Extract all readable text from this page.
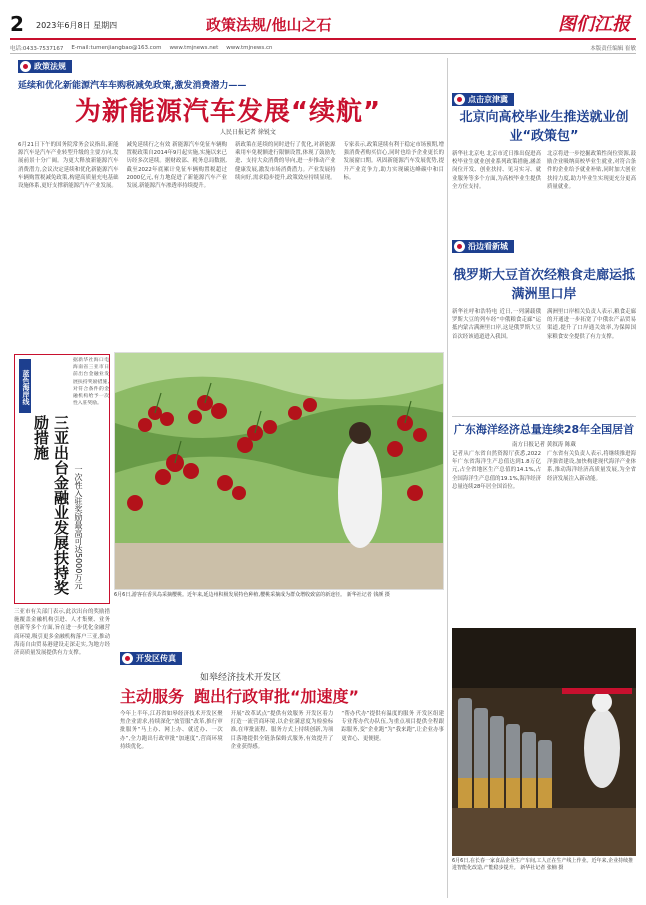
2 2023年6月8日 星期四	政策法规/他山之石	图们江报
电话:0433-7537167 E-mail:tumenjiangbao@163.com www.tmjnews.net www.tmjnews.cn	本版责任编辑 崔敏
政策法规
延续和优化新能源汽车车购税减免政策,激发消费潜力——
为新能源汽车发展“续航”
人民日报记者 徐锐文
6月21日下午的国务院常务会议指出,新能源汽车是汽车产业转型升级的主要方向,发展前景十分广阔。为更大释放新能源汽车消费潜力,会议决定延续和优化新能源汽车车辆购置税减免政策,构建高质量充电基础设施体系,更好支撑新能源汽车产业发展。
减免延续行之有效 新能源汽车免征车辆购置税政策自2014年9月起实施,实施以来已历经多次延续。据财政部、税务总局数据,截至2022年底累计免征车辆购置税超过2000亿元,有力地促进了新能源汽车产业发展,新能源汽车渗透率持续提升。
新政策在延续的同时进行了优化,对新能源乘用车免税额进行限额设置,体现了鼓励先进、支持大众消费的导向,进一步推动产业健康发展,激发市场消费潜力。产业发展持续向好,需求稳步提升,政策效应持续显现。
专家表示,政策延续有利于稳定市场预期,增强消费者购买信心,同时也给予企业更长的发展窗口期。巩固新能源汽车发展优势,提升产业竞争力,助力实现碳达峰碳中和目标。
蓝色海岸线
三亚出台金融业发展扶持奖励措施
一次性入驻奖励最高可达5000万元
据新华社海口电 海南省三亚市日前出台金融业发展扶持奖励措施,对符合条件的金融机构给予一次性入驻奖励。
三亚市有关部门表示,此次出台的奖励措施覆盖金融机构引进、人才集聚、业务创新等多个方面,旨在进一步优化金融营商环境,吸引更多金融机构落户三亚,推动海南自由贸易港建设走深走实,为地方经济高质量发展提供有力支撑。
6月6日,游客在香贝岛采摘樱桃。近年来,延边州积极发展特色种植,樱桃采摘成为群众增收致富的新途径。 新华社记者 钱颜 摄
开发区传真
如皋经济技术开发区
主动服务 跑出行政审批“加速度”
今年上半年,江苏省如皋经济技术开发区聚焦企业需求,持续深化“放管服”改革,推行审批服务“马上办、网上办、就近办、一次办”,全力跑出行政审批“加速度”,营商环境持续优化。
开展“改革试点”提供有效服务 开发区着力打造一流营商环境,以企业满意度为检验标准,在审批流程、服务方式上持续创新,为项目落地提供全链条保姆式服务,有效提升了企业获得感。
“帮办代办”提供有温度的服务 开发区组建专业帮办代办队伍,为重点项目提供全程跟踪服务,变“企业跑”为“我来跑”,让企业办事更省心、更便捷。
点击京津冀
北京向高校毕业生推送就业创业“政策包”
新华社北京电 北京市近日推出促进高校毕业生就业创业系列政策措施,涵盖岗位开发、创业扶持、见习实习、就业服务等多个方面,为高校毕业生提供全方位支持。
北京将进一步挖掘政策性岗位资源,鼓励企业吸纳高校毕业生就业,对符合条件的企业给予就业补贴,同时加大创业扶持力度,助力毕业生实现更充分更高质量就业。
沿边看新城
俄罗斯大豆首次经粮食走廊运抵满洲里口岸
新华社呼和浩特电 近日,一列满载俄罗斯大豆的列车经“中俄粮食走廊”运抵内蒙古满洲里口岸,这是俄罗斯大豆首次经该通道进入我国。
满洲里口岸相关负责人表示,粮食走廊的开通进一步拓宽了中俄农产品贸易渠道,提升了口岸通关效率,为保障国家粮食安全提供了有力支撑。
广东海洋经济总量连续28年全国居首
南方日报记者 黄叙涛 陈葳
记者从广东省自然资源厅获悉,2022年广东省海洋生产总值达到1.8万亿元,占全省地区生产总值的14.1%,占全国海洋生产总值的19.1%,海洋经济总量连续28年居全国首位。
广东省有关负责人表示,将继续推进海洋强省建设,加快构建现代海洋产业体系,推动海洋经济高质量发展,为全省经济发展注入新动能。
6月6日,在长春一家食品企业生产车间,工人正在生产线上作业。近年来,企业持续推进智能化改造,产能稳步提升。 新华社记者 张楠 摄
